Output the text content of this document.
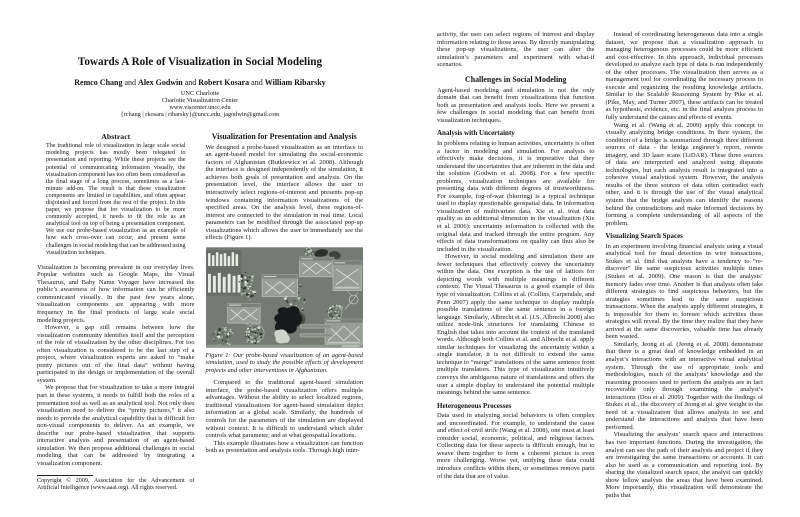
Towards A Role of Visualization in Social Modeling
Remco Chang and Alex Godwin and Robert Kosara and William Ribarsky
UNC Charlotte
Charlotte Visualization Center
www.viscenter.uncc.edu
{rchang | rkosara | ribarsky}@uncc.edu, jagodwin@gmail.com
Abstract

The traditional role of visualization in large scale social modeling projects has mostly been relegated to presentation and reporting. While these projects see the potential of communicating information visually, the visualization component has too often been considered as the final stage of a long process, sometimes as a last-minute add-on. The result is that these visualization components are limited in capabilities, and often appear disjointed and forced from the rest of the project. In this paper, we propose that for visualization to be more commonly accepted, it needs to fit the role as an analytical tool on top of being a presentation component. We use our probe-based visualization as an example of how such cross-over can occur, and present some challenges in social modeling that can be addressed using visualization techniques.

Visualization is becoming prevalent in our everyday lives. Popular websites such as Google Maps, the Visual Thesaurus, and Baby Name Voyager have increased the public’s awareness of how information can be efficiently communicated visually. In the past few years alone, visualization components are appearing with more frequency in the final products of large scale social modeling projects.

However, a gap still remains between how the visualization community identifies itself and the perception of the role of visualization by the other disciplines. For too often visualization is considered to be the last step of a project, where visualization experts are asked to “make pretty pictures out of the final data” without having participated in the design or implementation of the overall system.

We propose that for visualization to take a more integral part in these systems, it needs to fulfill both the roles of a presentation tool as well as an analytical tool. Not only does visualization need to deliver the “pretty pictures,” it also needs to provide the analytical capability that is difficult for non-visual components to deliver. As an example, we describe our probe-based visualization that supports interactive analysis and presentation of an agent-based simulation. We then propose additional challenges in social modeling that can be addressed by integrating a visualization component.

Copyright © 2009, Association for the Advancement of Artificial Intelligence (www.aaai.org). All rights reserved.

Visualization for Presentation and Analysis

We designed a probe-based visualization as an interface to an agent-based model for simulating the social-economic factors of Afghanistan (Butkiewicz et al. 2008). Although the interface is designed independently of the simulation, it achieves both goals of presentation and analysis. On the presentation level, the interface allows the user to interactively select regions-of-interest and presents pop-up windows containing information visualizations of the specified areas. On the analysis level, these regions-of-interest are connected to the simulation in real time. Local parameters can be modified through the associated pop-up visualizations which allows the user to immediately see the effects (Figure 1).

Figure 1: Our probe-based visualization of an agent-based simulation, used to study the possible effects of development projects and other interventions in Afghanistan.

Compared to the traditional agent-based simulation interface, the probe-based visualization offers multiple advantages. Without the ability to select localized regions, traditional visualizations for agent-based simulation depict information at a global scale. Similarly, the hundreds of controls for the parameters of the simulation are displayed without context. It is difficult to understand which slider controls what parameter, and at what geospatial locations.

This example illustrates how a visualization can function both as presentation and analysis tools. Through high inter-

activity, the user can select regions of interest and display information relating to those areas. By directly manipulating these pop-up visualizations, the user can alter the simulation’s parameters and experiment with what-if scenarios.

Challenges in Social Modeling

Agent-based modeling and simulation is not the only domain that can benefit from visualizations that function both as presentation and analysis tools. Here we present a few challenges in social modeling that can benefit from visualization techniques.

Analysis with Uncertainty

In problems relating to human activities, uncertainty is often a factor in modeling and simulation. For analysts to effectively make decisions, it is imperative that they understand the uncertainties that are inherent in the data and the solution (Godwin et al. 2008). For a few specific problems, visualization techniques are available for presenting data with different degrees of trustworthiness. For example, fog-of-war (blurring) is a typical technique used to display questionable geospatial data. In information visualization of multivariate data, Xie et al. treat data quality as an additional dimension in the visualization (Xie et al. 2006): uncertainty information is collected with the original data and tracked through the entire program. Any effects of data transformations on quality can thus also be included in the visualization.

However, in social modeling and simulation there are fewer techniques that effectively convey the uncertainty within the data. One exception is the use of lattices for depicting words with multiple meanings in different contexts. The Visual Thesaurus is a good example of this type of visualization. Collins et al. (Collins, Carpendale, and Penn 2007) apply the same technique to display multiple possible translations of the same sentence in a foreign language. Similarly, Albrecht et al. (J.S. Albrecht 2008) also utilize node-link structures for translating Chinese to English that takes into account the context of the translated words. Although both Collins et al. and Albrecht et al. apply similar techniques for visualizing the uncertainty within a single translator, it is not difficult to extend the same technique to “merge” translations of the same sentence from multiple translators. This type of visualization intuitively conveys the ambiguous nature of translations and offers the user a simple display to understand the potential multiple meanings behind the same sentence.

Heterogeneous Processes

Data used in analyzing social behaviors is often complex and uncoordinated. For example, to understand the cause and effect of civil strife (Wang et al. 2008), one must at least consider social, economic, political, and religious factors. Collecting data for these aspects is difficult enough, but to weave them together to form a coherent picture is even more challenging. Worse yet, unifying these data could introduce conflicts within them, or sometimes remove parts of the data that are of value.

Instead of coordinating heterogeneous data into a single dataset, we propose that a visualization approach to managing heterogenous processes could be more efficient and cost-effective. In this approach, individual processes developed to analyze each type of data is run independently of the other processes. The visualization then serves as a management tool for coordinating the necessary process to execute and organizing the resulting knowledge artifacts. Similar to the Scalable Reasoning System by Pike et al. (Pike, May, and Turner 2007), these artifacts can be treated as hypothesis, evidence, etc. in the final analysis process to fully understand the causes and effects of events.

Wang et al. (Wang et al. 2009) apply this concept to visually analyzing bridge conditions. In their system, the condition of a bridge is summarized through three different sources of data - the bridge engineer’s report, remote imagery, and 3D laser scans (LiDAR). These three sources of data are interpreted and analyzed using disparate technologies, but each analysis result is integrated into a cohesive visual analytical system. However, the analysis results of the three sources of data often contradict each other, and it is through the use of the visual analytical system that the bridge analysts can identify the reasons behind the contradictions and make informed decisions by forming a complete understanding of all aspects of the problem.

Visualizing Search Spaces

In an experiment involving financial analysts using a visual analytical tool for fraud detection in wire transactions, Stukes et al. find that analysts have a tendency to “re-discover” the same suspicious activities multiple times (Stukes et al. 2009). One reason is that the analysts’ memory fades over time. Another is that analysts often take different strategies to find suspicious behaviors, but the strategies sometimes lead to the same suspicious transactions. When the analysts apply different strategies, it is impossible for them to foresee which activities these strategies will reveal. By the time they realize that they have arrived at the same discoveries, valuable time has already been wasted.

Similarly, Jeong et al. (Jeong et al. 2008) demonstrate that there is a great deal of knowledge embedded in an analyst’s interactions with an interactive visual analytical system. Through the use of appropriate tools and methodologies, much of the analysts’ knowledge and the reasoning processes used to perform the analysis are in fact recoverable only through examining the analyst’s interactions (Dou et al. 2009). Together with the findings of Stukes et al., the discovery of Jeong et al. give weight to the need of a visualization that allows analysts to see and understand the interactions and analysis that have been performed.

Visualizing the analysts’ search space and interactions has two important functions. During the investigation, the analyst can see the path of their analysis and project if they are investigating the same transactions or accounts. It can also be used as a communication and reporting tool. By sharing the visualized search space, the analyst can quickly show fellow analysts the areas that have been examined. More importantly, this visualization will demonstrate the paths that
